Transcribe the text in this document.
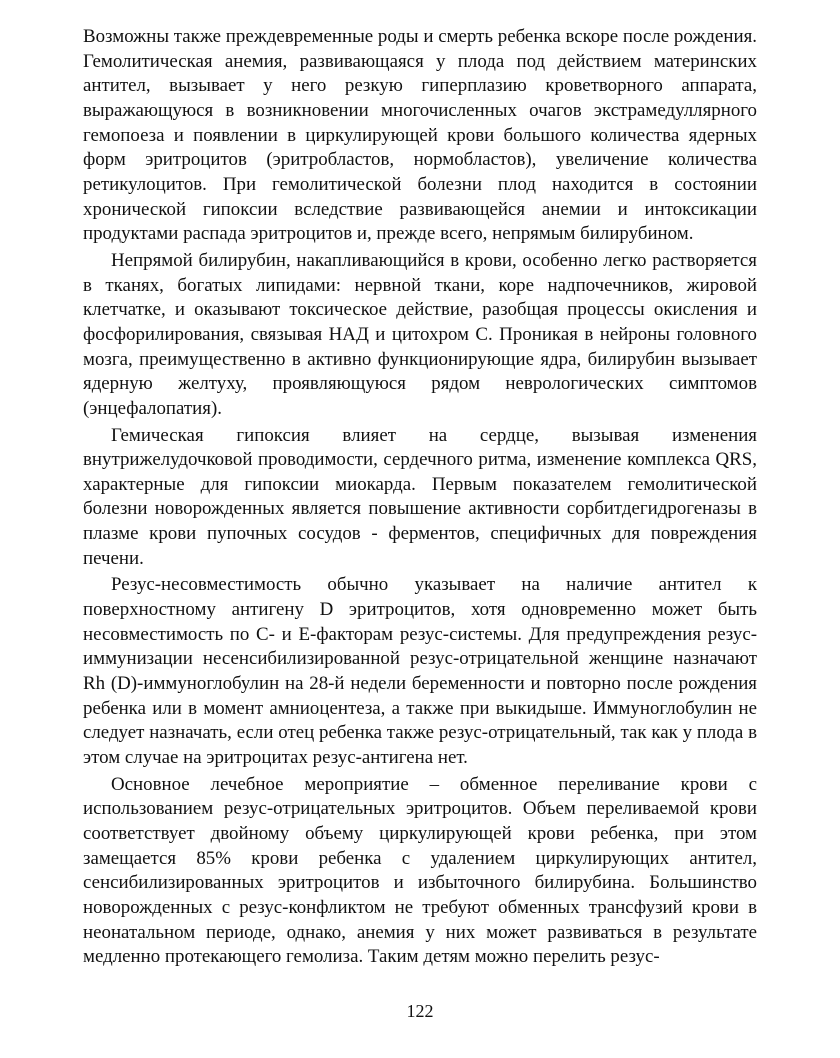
Возможны также преждевременные роды и смерть ребенка вскоре после рождения. Гемолитическая анемия, развивающаяся у плода под действием материнских антител, вызывает у него резкую гиперплазию кроветворного аппарата, выражающуюся в возникновении многочисленных очагов экстрамедуллярного гемопоеза и появлении в циркулирующей крови большого количества ядерных форм эритроцитов (эритробластов, нормобластов), увеличение количества ретикулоцитов. При гемолитической болезни плод находится в состоянии хронической гипоксии вследствие развивающейся анемии и интоксикации продуктами распада эритроцитов и, прежде всего, непрямым билирубином.

Непрямой билирубин, накапливающийся в крови, особенно легко растворяется в тканях, богатых липидами: нервной ткани, коре надпочечников, жировой клетчатке, и оказывают токсическое действие, разобщая процессы окисления и фосфорилирования, связывая НАД и цитохром С. Проникая в нейроны головного мозга, преимущественно в активно функционирующие ядра, билирубин вызывает ядерную желтуху, проявляющуюся рядом неврологических симптомов (энцефалопатия).

Гемическая гипоксия влияет на сердце, вызывая изменения внутрижелудочковой проводимости, сердечного ритма, изменение комплекса QRS, характерные для гипоксии миокарда. Первым показателем гемолитической болезни новорожденных является повышение активности сорбитдегидрогеназы в плазме крови пупочных сосудов - ферментов, специфичных для повреждения печени.

Резус-несовместимость обычно указывает на наличие антител к поверхностному антигену D эритроцитов, хотя одновременно может быть несовместимость по С- и Е-факторам резус-системы. Для предупреждения резус-иммунизации несенсибилизированной резус-отрицательной женщине назначают Rh (D)-иммуноглобулин на 28-й недели беременности и повторно после рождения ребенка или в момент амниоцентеза, а также при выкидыше. Иммуноглобулин не следует назначать, если отец ребенка также резус-отрицательный, так как у плода в этом случае на эритроцитах резус-антигена нет.

Основное лечебное мероприятие – обменное переливание крови с использованием резус-отрицательных эритроцитов. Объем переливаемой крови соответствует двойному объему циркулирующей крови ребенка, при этом замещается 85% крови ребенка с удалением циркулирующих антител, сенсибилизированных эритроцитов и избыточного билирубина. Большинство новорожденных с резус-конфликтом не требуют обменных трансфузий крови в неонатальном периоде, однако, анемия у них может развиваться в результате медленно протекающего гемолиза. Таким детям можно перелить резус-

122
